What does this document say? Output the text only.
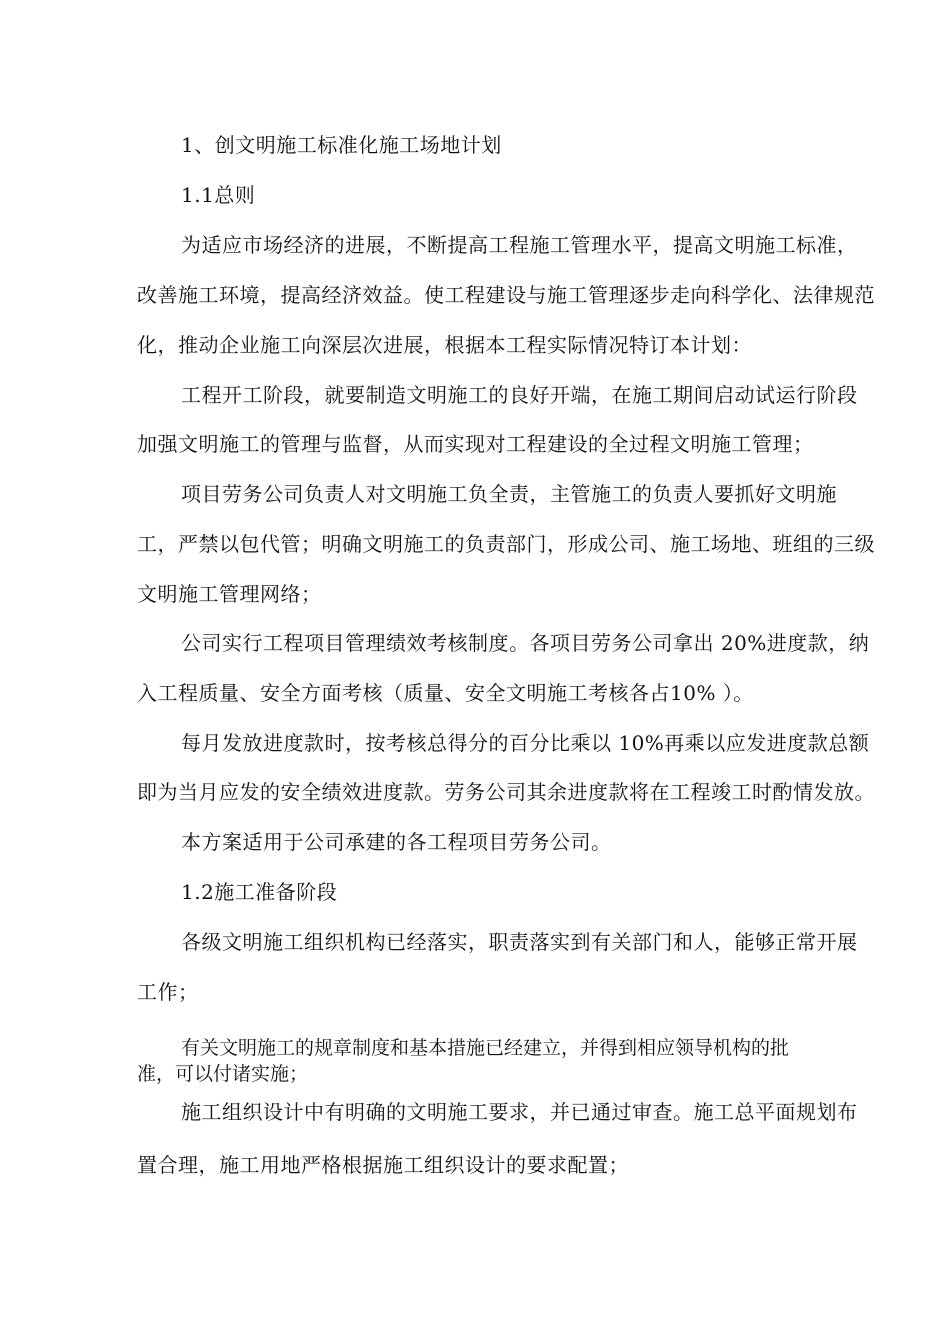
1、创文明施工标准化施工场地计划
1.1总则
为适应市场经济的进展，不断提高工程施工管理水平，提高文明施工标准，
改善施工环境，提高经济效益。使工程建设与施工管理逐步走向科学化、法律规范
化，推动企业施工向深层次进展，根据本工程实际情况特订本计划：
工程开工阶段，就要制造文明施工的良好开端，在施工期间启动试运行阶段
加强文明施工的管理与监督，从而实现对工程建设的全过程文明施工管理；
项目劳务公司负责人对文明施工负全责，主管施工的负责人要抓好文明施
工，严禁以包代管；明确文明施工的负责部门，形成公司、施工场地、班组的三级
文明施工管理网络；
公司实行工程项目管理绩效考核制度。各项目劳务公司拿出 20%进度款，纳
入工程质量、安全方面考核（质量、安全文明施工考核各占10% ）。
每月发放进度款时，按考核总得分的百分比乘以 10%再乘以应发进度款总额
即为当月应发的安全绩效进度款。劳务公司其余进度款将在工程竣工时酌情发放。
本方案适用于公司承建的各工程项目劳务公司。
1.2施工准备阶段
各级文明施工组织机构已经落实，职责落实到有关部门和人，能够正常开展
工作；
有关文明施工的规章制度和基本措施已经建立，并得到相应领导机构的批
准，可以付诸实施；
施工组织设计中有明确的文明施工要求，并已通过审查。施工总平面规划布
置合理，施工用地严格根据施工组织设计的要求配置；
